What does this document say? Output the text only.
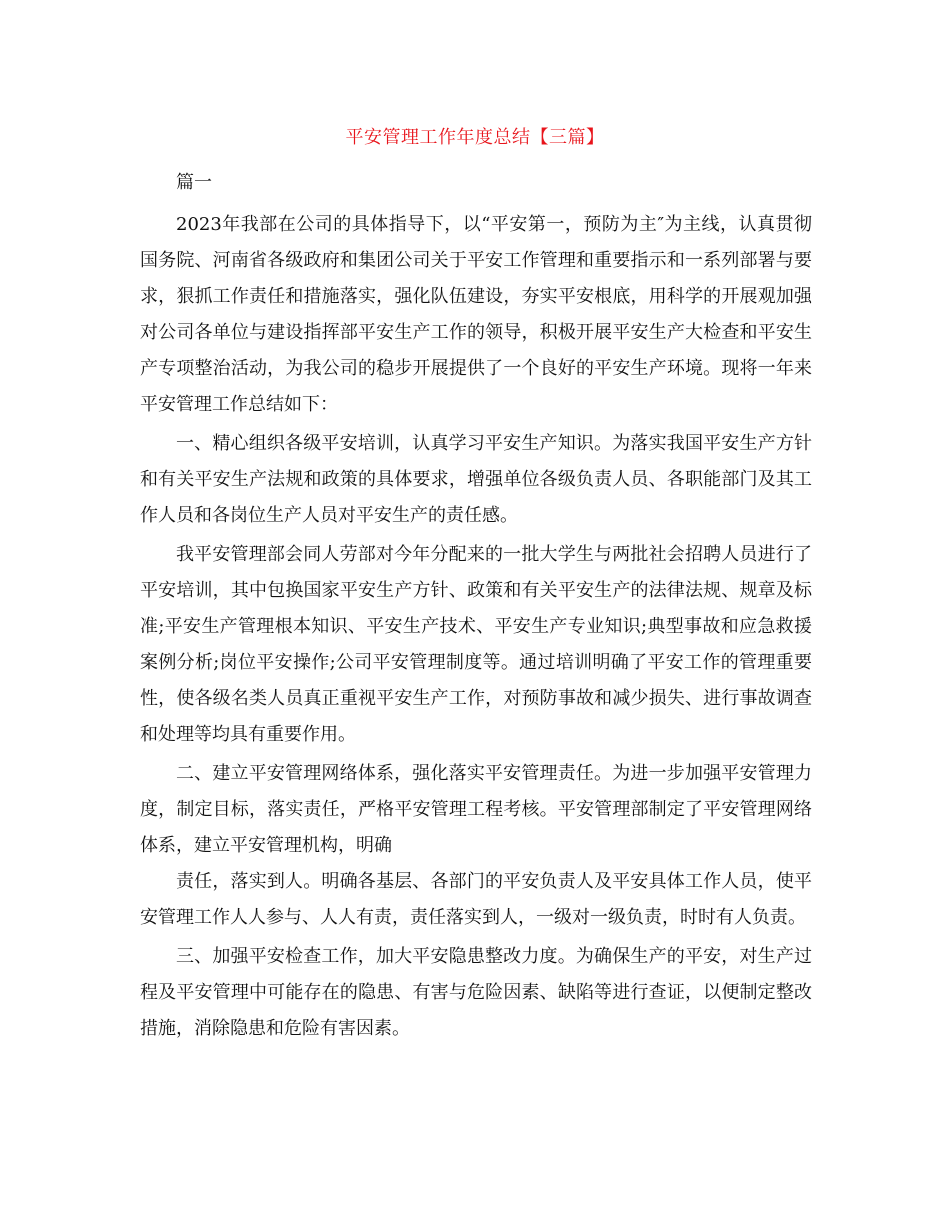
平安管理工作年度总结【三篇】

篇一

2023年我部在公司的具体指导下，以“平安第一，预防为主″为主线，认真贯彻国务院、河南省各级政府和集团公司关于平安工作管理和重要指示和一系列部署与要求，狠抓工作责任和措施落实，强化队伍建设，夯实平安根底，用科学的开展观加强对公司各单位与建设指挥部平安生产工作的领导，积极开展平安生产大检查和平安生产专项整治活动，为我公司的稳步开展提供了一个良好的平安生产环境。现将一年来平安管理工作总结如下：

一、精心组织各级平安培训，认真学习平安生产知识。为落实我国平安生产方针和有关平安生产法规和政策的具体要求，增强单位各级负责人员、各职能部门及其工作人员和各岗位生产人员对平安生产的责任感。

我平安管理部会同人劳部对今年分配来的一批大学生与两批社会招聘人员进行了平安培训，其中包换国家平安生产方针、政策和有关平安生产的法律法规、规章及标准;平安生产管理根本知识、平安生产技术、平安生产专业知识;典型事故和应急救援案例分析;岗位平安操作;公司平安管理制度等。通过培训明确了平安工作的管理重要性，使各级名类人员真正重视平安生产工作，对预防事故和减少损失、进行事故调查和处理等均具有重要作用。

二、建立平安管理网络体系，强化落实平安管理责任。为进一步加强平安管理力度，制定目标，落实责任，严格平安管理工程考核。平安管理部制定了平安管理网络体系，建立平安管理机构，明确

责任，落实到人。明确各基层、各部门的平安负责人及平安具体工作人员，使平安管理工作人人参与、人人有责，责任落实到人，一级对一级负责，时时有人负责。

三、加强平安检查工作，加大平安隐患整改力度。为确保生产的平安，对生产过程及平安管理中可能存在的隐患、有害与危险因素、缺陷等进行查证，以便制定整改措施，消除隐患和危险有害因素。
